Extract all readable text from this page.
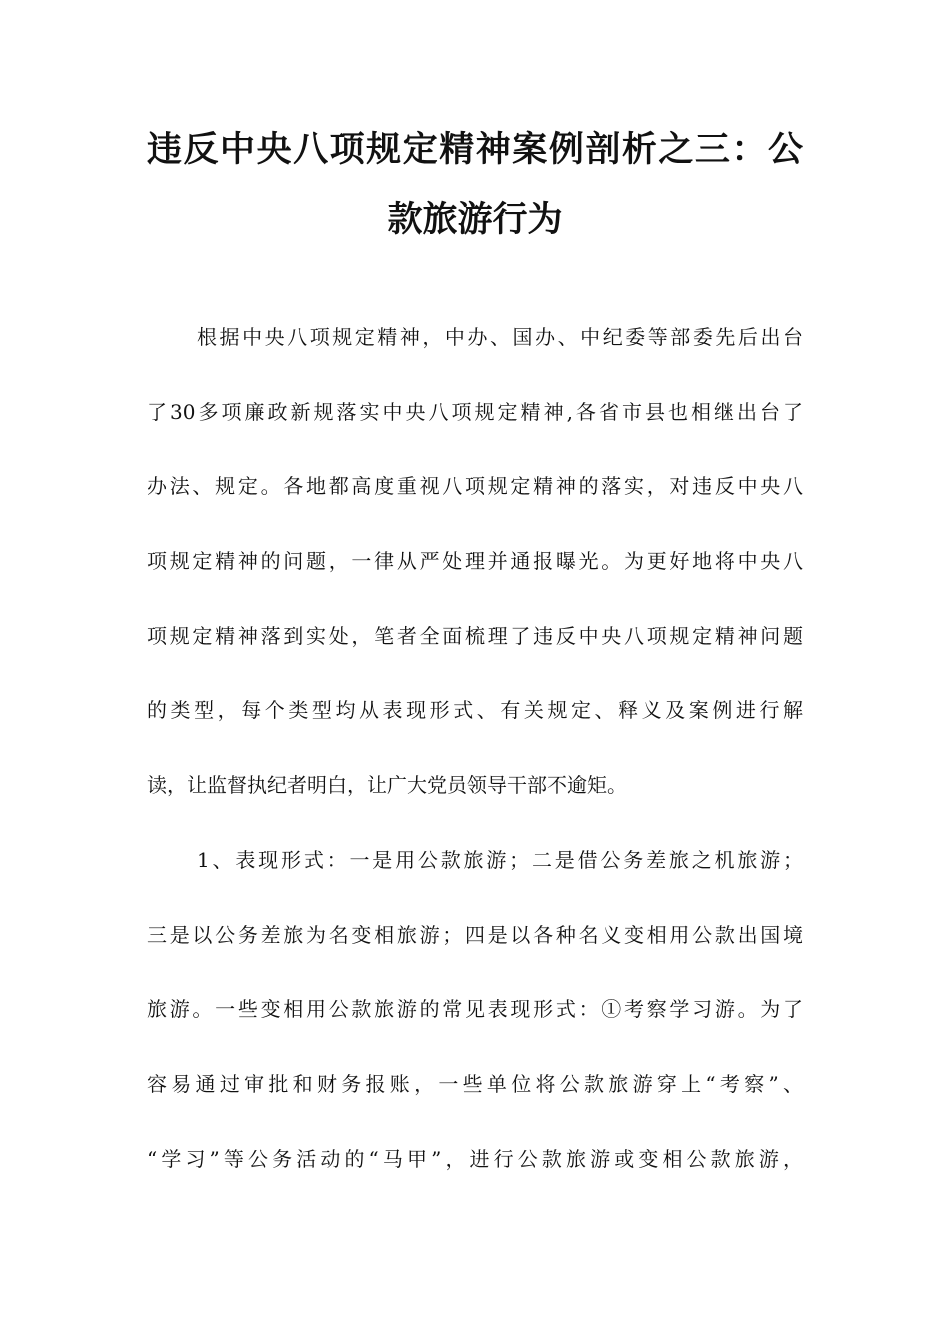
违反中央八项规定精神案例剖析之三：公
款旅游行为
根据中央八项规定精神，中办、国办、中纪委等部委先后出台
了30多项廉政新规落实中央八项规定精神,各省市县也相继出台了
办法、规定。各地都高度重视八项规定精神的落实，对违反中央八
项规定精神的问题，一律从严处理并通报曝光。为更好地将中央八
项规定精神落到实处，笔者全面梳理了违反中央八项规定精神问题
的类型，每个类型均从表现形式、有关规定、释义及案例进行解
读，让监督执纪者明白，让广大党员领导干部不逾矩。
1、表现形式：一是用公款旅游；二是借公务差旅之机旅游；
三是以公务差旅为名变相旅游；四是以各种名义变相用公款出国境
旅游。一些变相用公款旅游的常见表现形式：①考察学习游。为了
容易通过审批和财务报账，一些单位将公款旅游穿上“考察”、
“学习”等公务活动的“马甲”，进行公款旅游或变相公款旅游，
